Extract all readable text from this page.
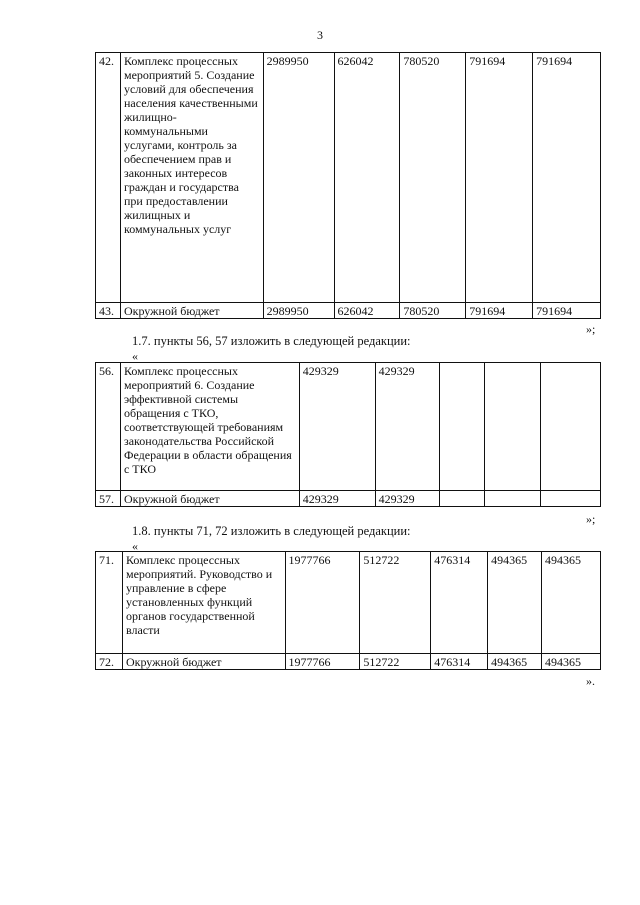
3
42.	Комплекс процессных мероприятий 5. Создание условий для обеспечения населения качественными жилищно-коммунальными услугами, контроль за обеспечением прав и законных интересов граждан и государства при предоставлении жилищных и коммунальных услуг	2989950	626042	780520	791694	791694
43.	Окружной бюджет	2989950	626042	780520	791694	791694
»;
1.7. пункты 56, 57 изложить в следующей редакции:
«
56.	Комплекс процессных мероприятий 6. Создание эффективной системы обращения с ТКО, соответствующей требованиям законодательства Российской Федерации в области обращения с ТКО	429329	429329			
57.	Окружной бюджет	429329	429329			
»;
1.8. пункты 71, 72 изложить в следующей редакции:
«
71.	Комплекс процессных мероприятий. Руководство и управление в сфере установленных функций органов государственной власти	1977766	512722	476314	494365	494365
72.	Окружной бюджет	1977766	512722	476314	494365	494365
».
